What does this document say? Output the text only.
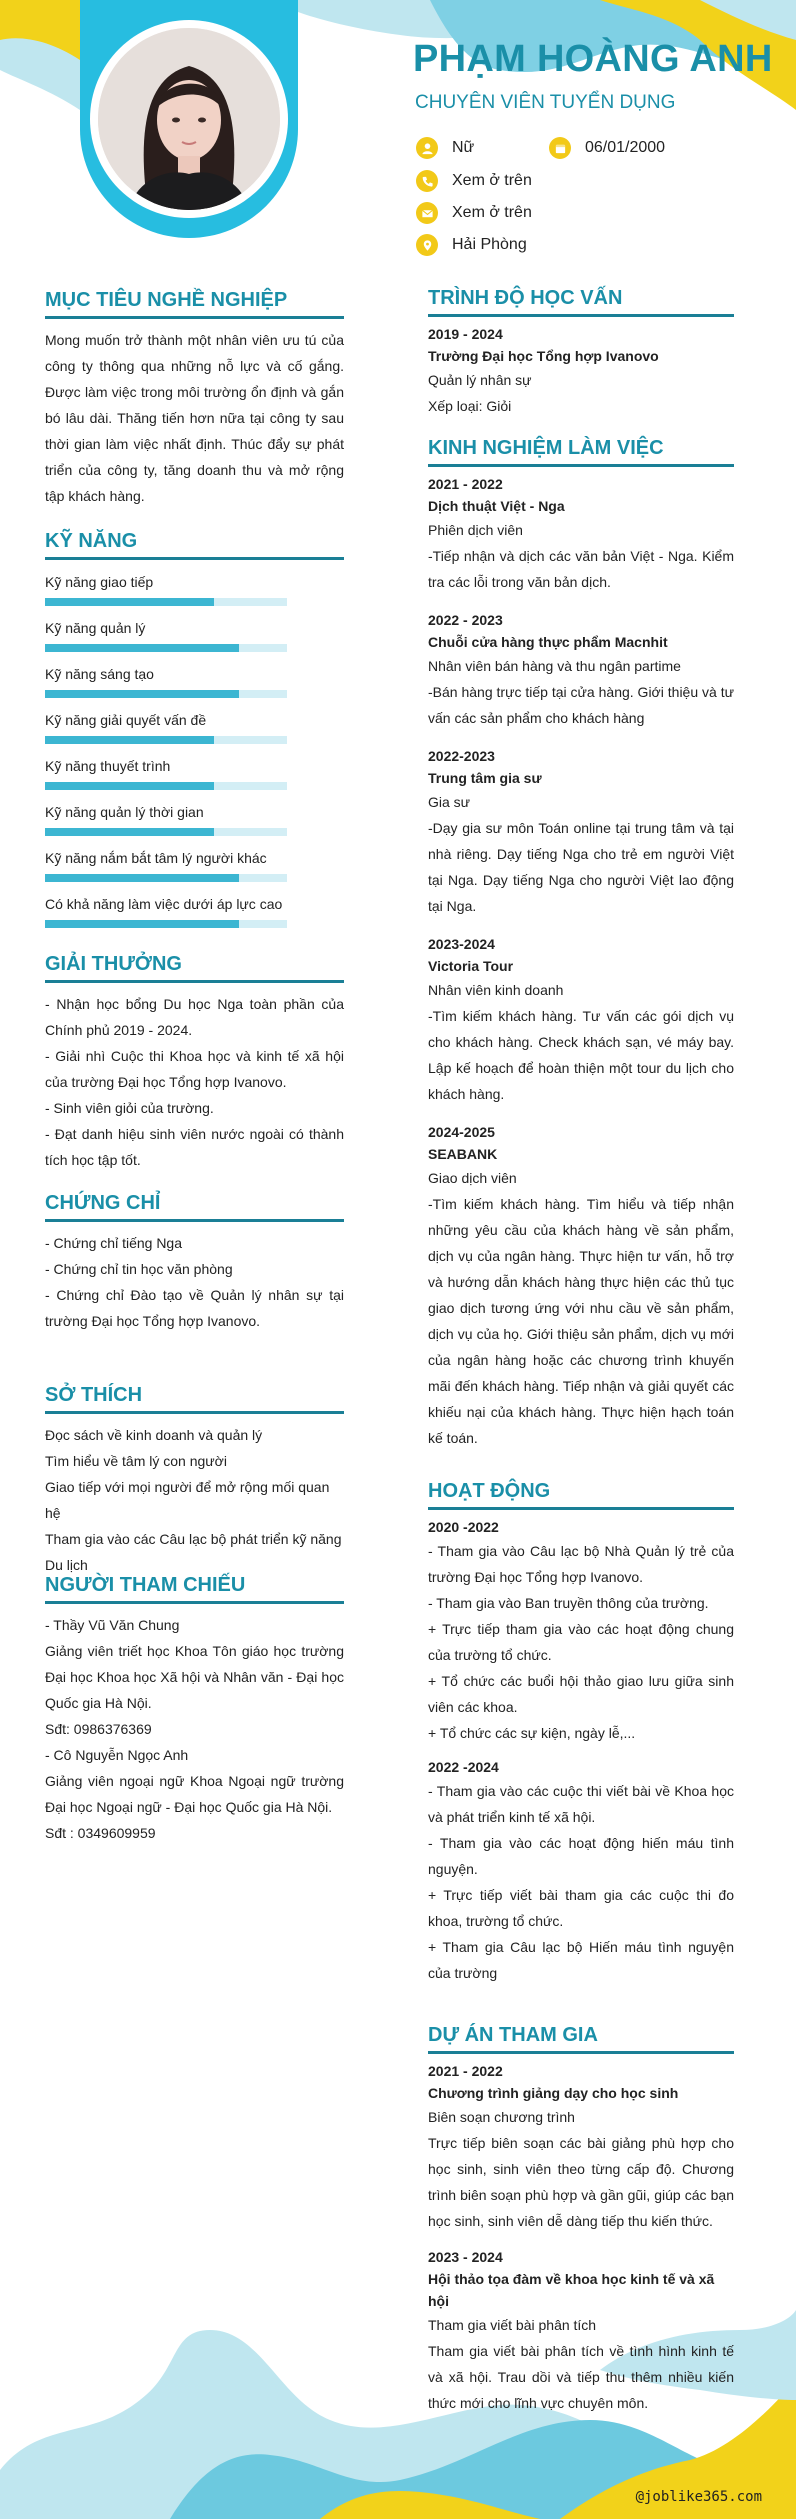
PHẠM HOÀNG ANH
CHUYÊN VIÊN TUYỂN DỤNG
Nữ	06/01/2000
Xem ở trên
Xem ở trên
Hải Phòng
MỤC TIÊU NGHỀ NGHIỆP
Mong muốn trở thành một nhân viên ưu tú của công ty thông qua những nỗ lực và cố gắng. Được làm việc trong môi trường ổn định và gắn bó lâu dài. Thăng tiến hơn nữa tại công ty sau thời gian làm việc nhất định. Thúc đẩy sự phát triển của công ty, tăng doanh thu và mở rộng tập khách hàng.
KỸ NĂNG
Kỹ năng giao tiếp
Kỹ năng quản lý
Kỹ năng sáng tạo
Kỹ năng giải quyết vấn đề
Kỹ năng thuyết trình
Kỹ năng quản lý thời gian
Kỹ năng nắm bắt tâm lý người khác
Có khả năng làm việc dưới áp lực cao
GIẢI THƯỞNG
- Nhận học bổng Du học Nga toàn phần của Chính phủ 2019 - 2024.
- Giải nhì Cuộc thi Khoa học và kinh tế xã hội của trường Đại học Tổng hợp Ivanovo.
- Sinh viên giỏi của trường.
- Đạt danh hiệu sinh viên nước ngoài có thành tích học tập tốt.
CHỨNG CHỈ
- Chứng chỉ tiếng Nga
- Chứng chỉ tin học văn phòng
- Chứng chỉ Đào tạo về Quản lý nhân sự tại trường Đại học Tổng hợp Ivanovo.
SỞ THÍCH
Đọc sách về kinh doanh và quản lý
Tìm hiểu về tâm lý con người
Giao tiếp với mọi người để mở rộng mối quan hệ
Tham gia vào các Câu lạc bộ phát triển kỹ năng
Du lịch
NGƯỜI THAM CHIẾU
- Thầy Vũ Văn Chung
Giảng viên triết học Khoa Tôn giáo học trường Đại học Khoa học Xã hội và Nhân văn - Đại học Quốc gia Hà Nội.
Sđt: 0986376369
- Cô Nguyễn Ngọc Anh
Giảng viên ngoại ngữ Khoa Ngoại ngữ trường Đại học Ngoại ngữ - Đại học Quốc gia Hà Nội.
Sđt : 0349609959
TRÌNH ĐỘ HỌC VẤN
2019 - 2024
Trường Đại học Tổng hợp Ivanovo
Quản lý nhân sự
Xếp loại: Giỏi
KINH NGHIỆM LÀM VIỆC
2021 - 2022
Dịch thuật Việt - Nga
Phiên dịch viên
-Tiếp nhận và dịch các văn bản Việt - Nga. Kiểm tra các lỗi trong văn bản dịch.
2022 - 2023
Chuỗi cửa hàng thực phẩm Macnhit
Nhân viên bán hàng và thu ngân partime
-Bán hàng trực tiếp tại cửa hàng. Giới thiệu và tư vấn các sản phẩm cho khách hàng
2022-2023
Trung tâm gia sư
Gia sư
-Dạy gia sư môn Toán online tại trung tâm và tại nhà riêng. Dạy tiếng Nga cho trẻ em người Việt tại Nga. Dạy tiếng Nga cho người Việt lao động tại Nga.
2023-2024
Victoria Tour
Nhân viên kinh doanh
-Tìm kiếm khách hàng. Tư vấn các gói dịch vụ cho khách hàng. Check khách sạn, vé máy bay. Lập kế hoạch để hoàn thiện một tour du lịch cho khách hàng.
2024-2025
SEABANK
Giao dịch viên
-Tìm kiếm khách hàng. Tìm hiểu và tiếp nhận những yêu cầu của khách hàng về sản phẩm, dịch vụ của ngân hàng. Thực hiện tư vấn, hỗ trợ và hướng dẫn khách hàng thực hiện các thủ tục giao dịch tương ứng với nhu cầu về sản phẩm, dịch vụ của họ. Giới thiệu sản phẩm, dịch vụ mới của ngân hàng hoặc các chương trình khuyến mãi đến khách hàng. Tiếp nhận và giải quyết các khiếu nại của khách hàng. Thực hiện hạch toán kế toán.
HOẠT ĐỘNG
2020 -2022
- Tham gia vào Câu lạc bộ Nhà Quản lý trẻ của trường Đại học Tổng hợp Ivanovo.
- Tham gia vào Ban truyền thông của trường.
+ Trực tiếp tham gia vào các hoạt động chung của trường tổ chức.
+ Tổ chức các buổi hội thảo giao lưu giữa sinh viên các khoa.
+ Tổ chức các sự kiện, ngày lễ,...
2022 -2024
- Tham gia vào các cuộc thi viết bài về Khoa học và phát triển kinh tế xã hội.
- Tham gia vào các hoạt động hiến máu tình nguyện.
+ Trực tiếp viết bài tham gia các cuộc thi đo khoa, trường tổ chức.
+ Tham gia Câu lạc bộ Hiến máu tình nguyện của trường
DỰ ÁN THAM GIA
2021 - 2022
Chương trình giảng dạy cho học sinh
Biên soạn chương trình
Trực tiếp biên soạn các bài giảng phù hợp cho học sinh, sinh viên theo từng cấp độ. Chương trình biên soạn phù hợp và gần gũi, giúp các bạn học sinh, sinh viên dễ dàng tiếp thu kiến thức.
2023 - 2024
Hội thảo tọa đàm về khoa học kinh tế và xã hội
Tham gia viết bài phân tích
Tham gia viết bài phân tích về tình hình kinh tế và xã hội. Trau dồi và tiếp thu thêm nhiều kiến thức mới cho lĩnh vực chuyên môn.
@joblike365.com
